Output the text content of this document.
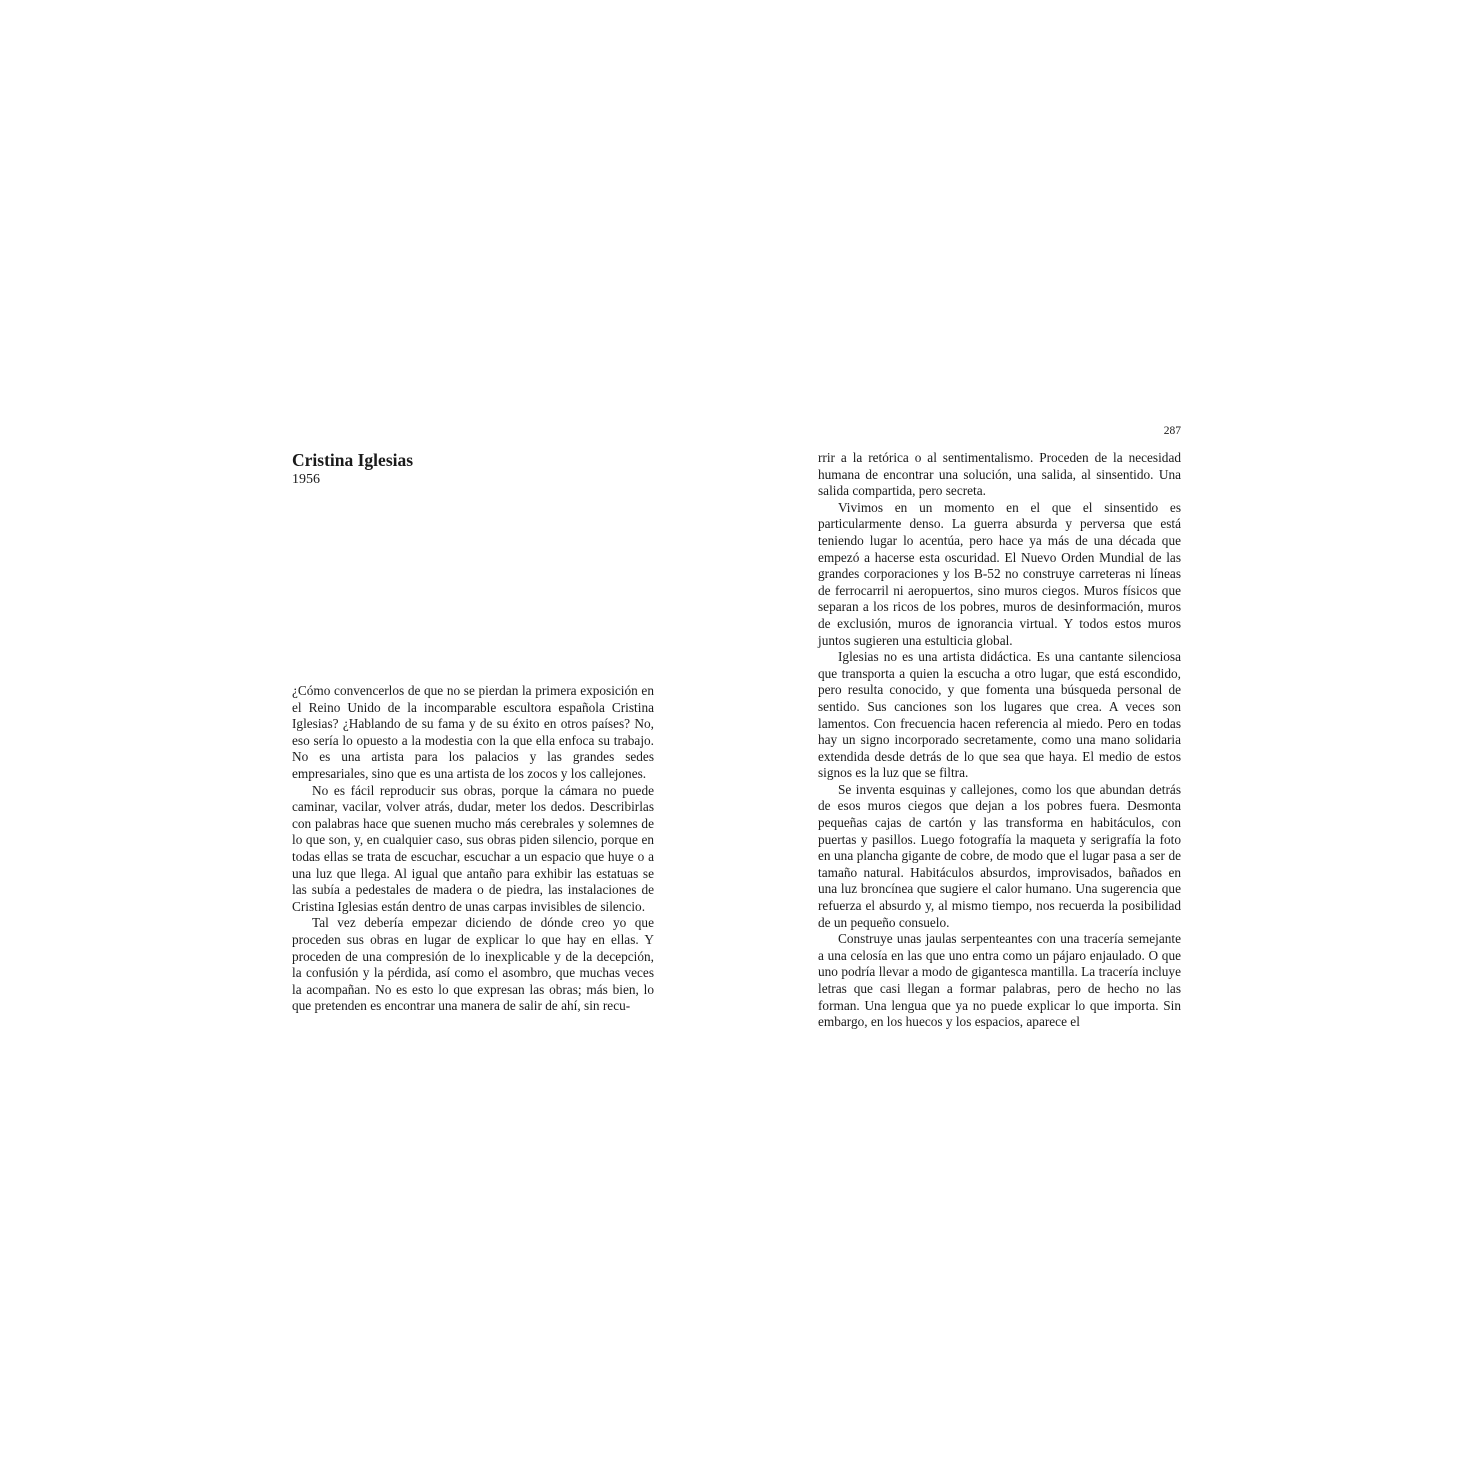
Cristina Iglesias

1956

¿Cómo convencerlos de que no se pierdan la primera exposición en el Reino Unido de la incomparable escultora española Cristina Iglesias? ¿Hablando de su fama y de su éxito en otros países? No, eso sería lo opuesto a la modestia con la que ella enfoca su trabajo. No es una artista para los palacios y las grandes sedes empresariales, sino que es una artista de los zocos y los callejones.

No es fácil reproducir sus obras, porque la cámara no puede caminar, vacilar, volver atrás, dudar, meter los dedos. Describirlas con palabras hace que suenen mucho más cerebrales y solemnes de lo que son, y, en cualquier caso, sus obras piden silencio, porque en todas ellas se trata de escuchar, escuchar a un espacio que huye o a una luz que llega. Al igual que antaño para exhibir las estatuas se las subía a pedestales de madera o de piedra, las instalaciones de Cristina Iglesias están dentro de unas carpas invisibles de silencio.

Tal vez debería empezar diciendo de dónde creo yo que proceden sus obras en lugar de explicar lo que hay en ellas. Y proceden de una compresión de lo inexplicable y de la decepción, la confusión y la pérdida, así como el asombro, que muchas veces la acompañan. No es esto lo que expresan las obras; más bien, lo que pretenden es encontrar una manera de salir de ahí, sin recu-

287

rrir a la retórica o al sentimentalismo. Proceden de la necesidad humana de encontrar una solución, una salida, al sinsentido. Una salida compartida, pero secreta.

Vivimos en un momento en el que el sinsentido es particularmente denso. La guerra absurda y perversa que está teniendo lugar lo acentúa, pero hace ya más de una década que empezó a hacerse esta oscuridad. El Nuevo Orden Mundial de las grandes corporaciones y los B-52 no construye carreteras ni líneas de ferrocarril ni aeropuertos, sino muros ciegos. Muros físicos que separan a los ricos de los pobres, muros de desinformación, muros de exclusión, muros de ignorancia virtual. Y todos estos muros juntos sugieren una estulticia global.

Iglesias no es una artista didáctica. Es una cantante silenciosa que transporta a quien la escucha a otro lugar, que está escondido, pero resulta conocido, y que fomenta una búsqueda personal de sentido. Sus canciones son los lugares que crea. A veces son lamentos. Con frecuencia hacen referencia al miedo. Pero en todas hay un signo incorporado secretamente, como una mano solidaria extendida desde detrás de lo que sea que haya. El medio de estos signos es la luz que se filtra.

Se inventa esquinas y callejones, como los que abundan detrás de esos muros ciegos que dejan a los pobres fuera. Desmonta pequeñas cajas de cartón y las transforma en habitáculos, con puertas y pasillos. Luego fotografía la maqueta y serigrafía la foto en una plancha gigante de cobre, de modo que el lugar pasa a ser de tamaño natural. Habitáculos absurdos, improvisados, bañados en una luz broncínea que sugiere el calor humano. Una sugerencia que refuerza el absurdo y, al mismo tiempo, nos recuerda la posibilidad de un pequeño consuelo.

Construye unas jaulas serpenteantes con una tracería semejante a una celosía en las que uno entra como un pájaro enjaulado. O que uno podría llevar a modo de gigantesca mantilla. La tracería incluye letras que casi llegan a formar palabras, pero de hecho no las forman. Una lengua que ya no puede explicar lo que importa. Sin embargo, en los huecos y los espacios, aparece el
